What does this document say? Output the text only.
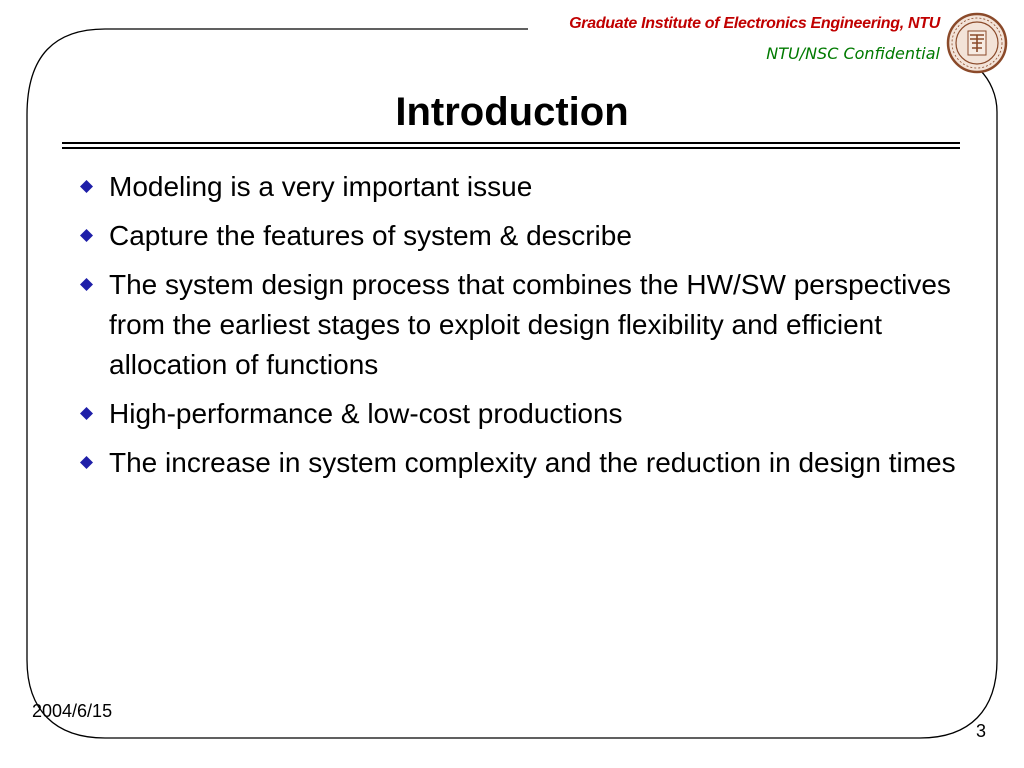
Graduate Institute of Electronics Engineering, NTU
NTU/NSC Confidential
Introduction
Modeling is a very important issue
Capture the features of system & describe
The system design process that combines the HW/SW perspectives from the earliest stages to exploit design flexibility and efficient allocation of functions
High-performance & low-cost productions
The increase in system complexity and the reduction in design times
2004/6/15
3
